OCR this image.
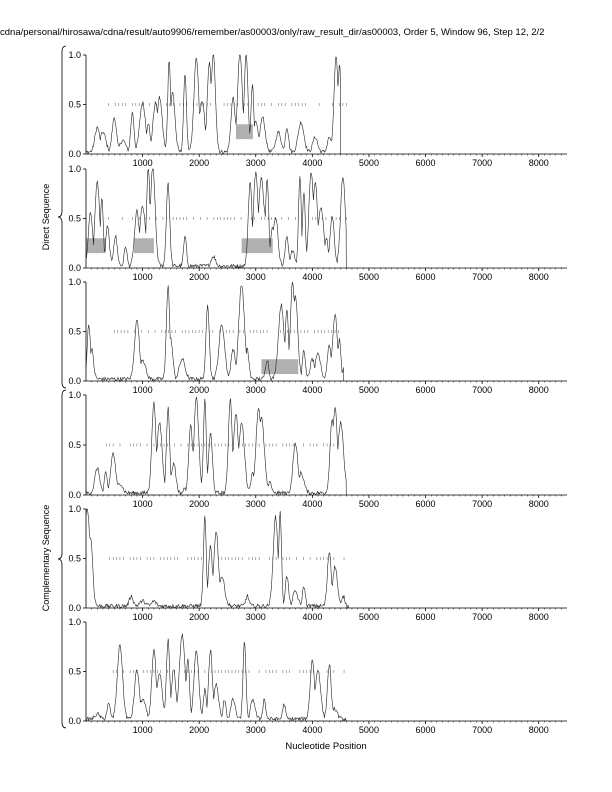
cdna/personal/hirosawa/cdna/result/auto9906/remember/as00003/only/raw_result_dir/as00003, Order 5, Window 96, Step 12, 2/2
0.0
0.5
1.0
1000	2000	3000	4000	5000	6000	7000	8000
0.0
0.5
1.0
1000	2000	3000	4000	5000	6000	7000	8000
0.0
0.5
1.0
1000	2000	3000	4000	5000	6000	7000	8000
0.0
0.5
1.0
1000	2000	3000	4000	5000	6000	7000	8000
0.0
0.5
1.0
1000	2000	3000	4000	5000	6000	7000	8000
0.0
0.5
1.0
1000	2000	3000	4000	5000	6000	7000	8000
Nucleotide Position
Direct Sequence
Complementary Sequence
